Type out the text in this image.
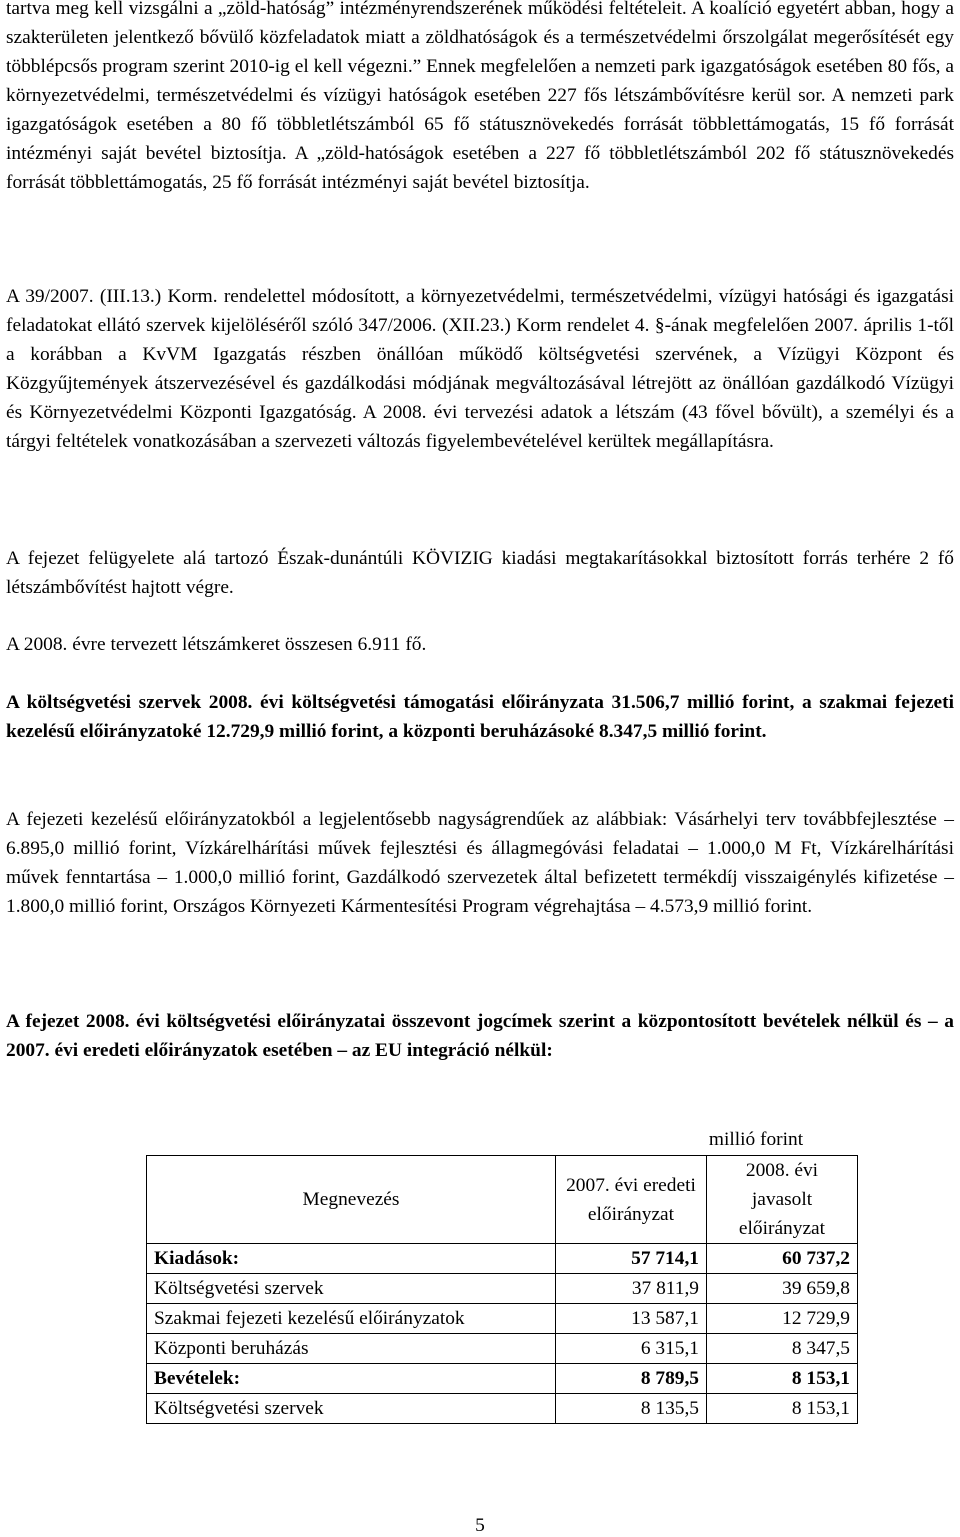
tartva meg kell vizsgálni a „zöld-hatóság” intézményrendszerének működési feltételeit. A koalíció egyetért abban, hogy a szakterületen jelentkező bővülő közfeladatok miatt a zöldhatóságok és a természetvédelmi őrszolgálat megerősítését egy többlépcsős program szerint 2010-ig el kell végezni.” Ennek megfelelően a nemzeti park igazgatóságok esetében 80 fős, a környezetvédelmi, természetvédelmi és vízügyi hatóságok esetében 227 fős létszámbővítésre kerül sor. A nemzeti park igazgatóságok esetében a 80 fő többletlétszámból 65 fő státusznövekedés forrását többlettámogatás, 15 fő forrását intézményi saját bevétel biztosítja. A „zöld-hatóságok esetében a 227 fő többletlétszámból 202 fő státusznövekedés forrását többlettámogatás, 25 fő forrását intézményi saját bevétel biztosítja.

A 39/2007. (III.13.) Korm. rendelettel módosított, a környezetvédelmi, természetvédelmi, vízügyi hatósági és igazgatási feladatokat ellátó szervek kijelöléséről szóló 347/2006. (XII.23.) Korm rendelet 4. §-ának megfelelően 2007. április 1-től a korábban a KvVM Igazgatás részben önállóan működő költségvetési szervének, a Vízügyi Központ és Közgyűjtemények átszervezésével és gazdálkodási módjának megváltozásával létrejött az önállóan gazdálkodó Vízügyi és Környezetvédelmi Központi Igazgatóság. A 2008. évi tervezési adatok a létszám (43 fővel bővült), a személyi és a tárgyi feltételek vonatkozásában a szervezeti változás figyelembevételével kerültek megállapításra.

A fejezet felügyelete alá tartozó Észak-dunántúli KÖVIZIG kiadási megtakarításokkal biztosított forrás terhére 2 fő létszámbővítést hajtott végre.

A 2008. évre tervezett létszámkeret összesen 6.911 fő.

A költségvetési szervek 2008. évi költségvetési támogatási előirányzata 31.506,7 millió forint, a szakmai fejezeti kezelésű előirányzatoké 12.729,9 millió forint, a központi beruházásoké 8.347,5 millió forint.

A fejezeti kezelésű előirányzatokból a legjelentősebb nagyságrendűek az alábbiak: Vásárhelyi terv továbbfejlesztése – 6.895,0 millió forint, Vízkárelhárítási művek fejlesztési és állagmegóvási feladatai – 1.000,0 M Ft, Vízkárelhárítási művek fenntartása – 1.000,0 millió forint, Gazdálkodó szervezetek által befizetett termékdíj visszaigénylés kifizetése – 1.800,0 millió forint, Országos Környezeti Kármentesítési Program végrehajtása – 4.573,9 millió forint.

A fejezet 2008. évi költségvetési előirányzatai összevont jogcímek szerint a központosított bevételek nélkül és – a 2007. évi eredeti előirányzatok esetében – az EU integráció nélkül:

millió forint
Megnevezés	2007. évi eredeti előirányzat	2008. évi javasolt előirányzat
Kiadások:	57 714,1	60 737,2
Költségvetési szervek	37 811,9	39 659,8
Szakmai fejezeti kezelésű előirányzatok	13 587,1	12 729,9
Központi beruházás	6 315,1	8 347,5
Bevételek:	8 789,5	8 153,1
Költségvetési szervek	8 135,5	8 153,1
5
